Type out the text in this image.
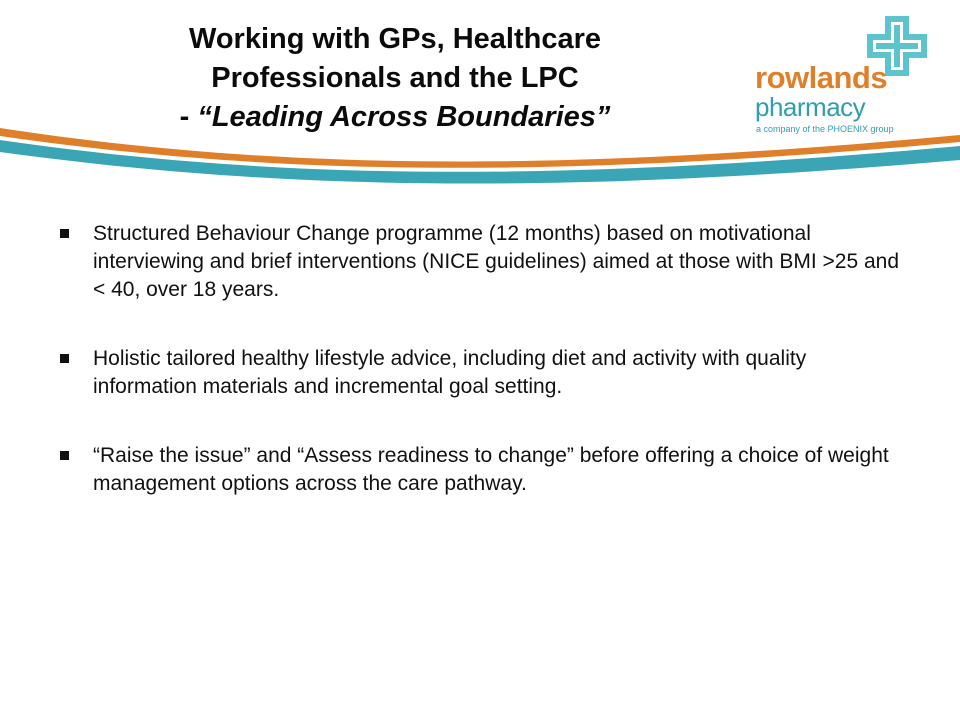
Working with GPs, Healthcare
Professionals and the LPC
- “Leading Across Boundaries”
rowlands
pharmacy
a company of the PHOENIX group
Structured Behaviour Change programme (12 months) based on motivational interviewing and brief interventions (NICE guidelines) aimed at those with BMI >25 and < 40, over 18 years.
Holistic tailored healthy lifestyle advice, including diet and activity with quality information materials and incremental goal setting.
“Raise the issue” and “Assess readiness to change” before offering a choice of weight management options across the care pathway.
